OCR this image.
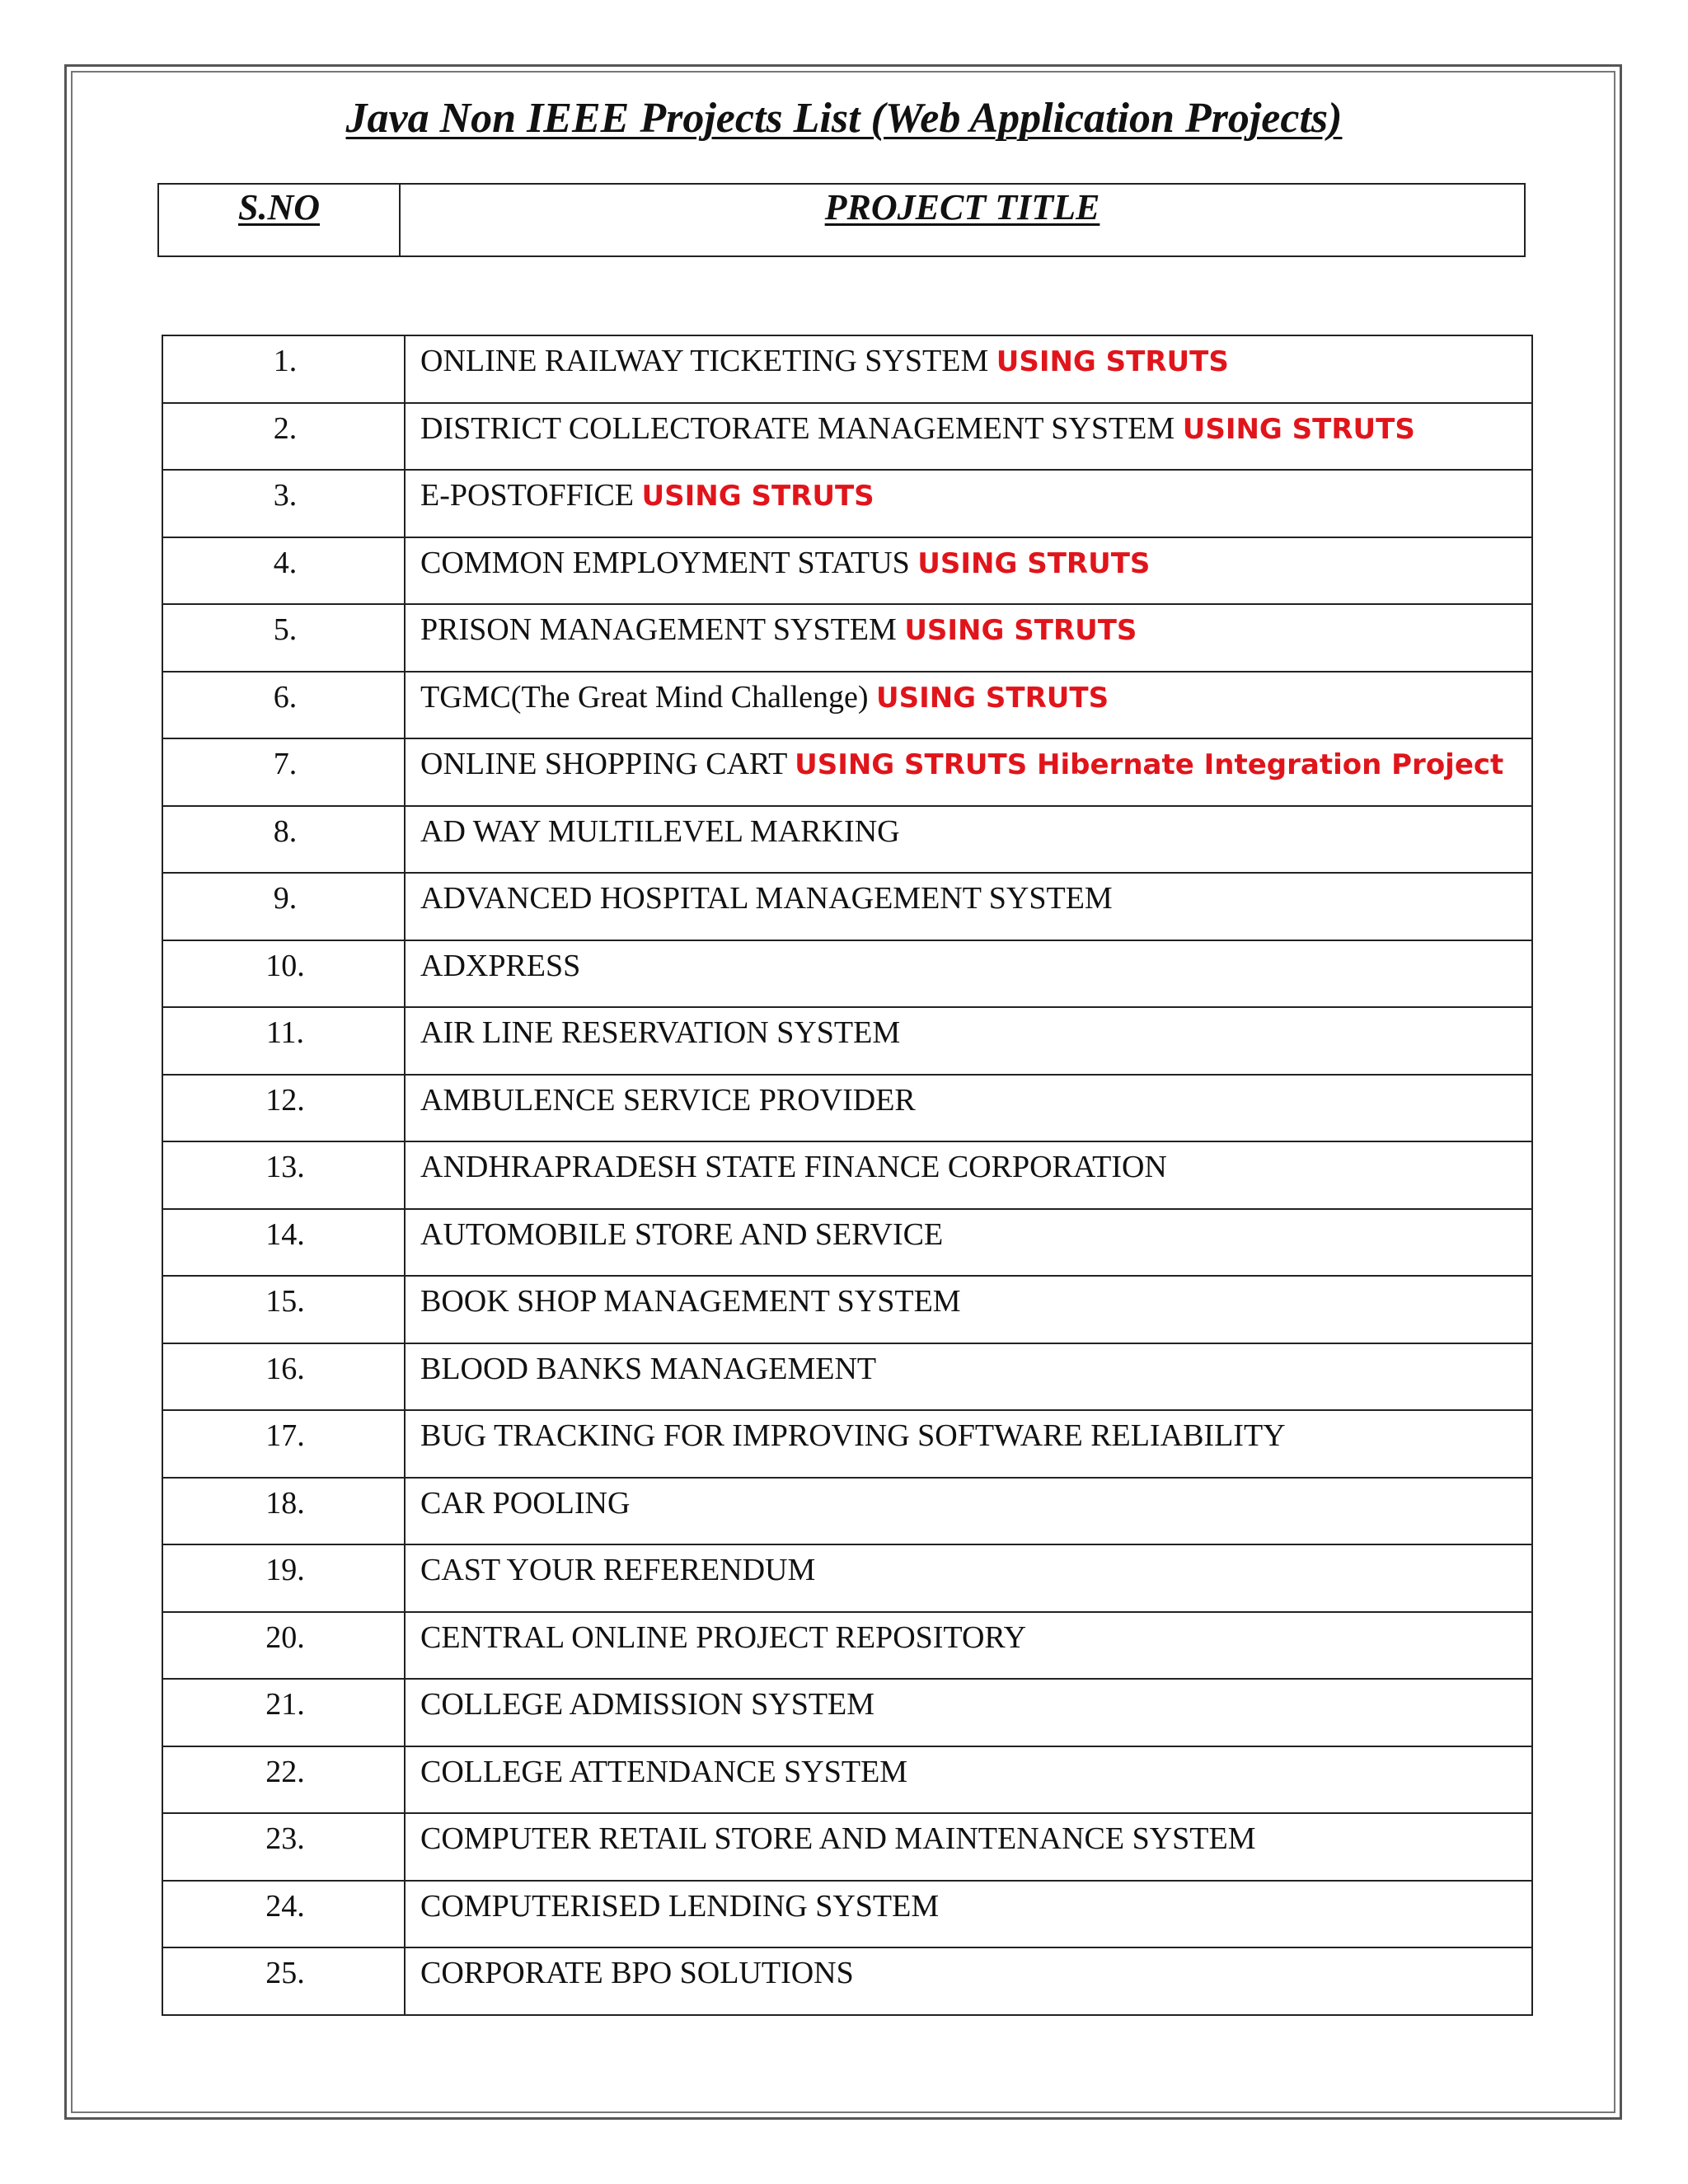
Java Non IEEE Projects List (Web Application Projects)
S.NO	PROJECT TITLE
1.	ONLINE RAILWAY TICKETING SYSTEM USING STRUTS
2.	DISTRICT COLLECTORATE MANAGEMENT SYSTEM USING STRUTS
3.	E-POSTOFFICE USING STRUTS
4.	COMMON EMPLOYMENT STATUS USING STRUTS
5.	PRISON MANAGEMENT SYSTEM USING STRUTS
6.	TGMC(The Great Mind Challenge) USING STRUTS
7.	ONLINE SHOPPING CART USING STRUTS Hibernate Integration Project
8.	AD WAY MULTILEVEL MARKING
9.	ADVANCED HOSPITAL MANAGEMENT SYSTEM
10.	ADXPRESS
11.	AIR LINE RESERVATION SYSTEM
12.	AMBULENCE SERVICE PROVIDER
13.	ANDHRAPRADESH STATE FINANCE CORPORATION
14.	AUTOMOBILE STORE AND SERVICE
15.	BOOK SHOP MANAGEMENT SYSTEM
16.	BLOOD BANKS MANAGEMENT
17.	BUG TRACKING FOR IMPROVING SOFTWARE RELIABILITY
18.	CAR POOLING
19.	CAST YOUR REFERENDUM
20.	CENTRAL ONLINE PROJECT REPOSITORY
21.	COLLEGE ADMISSION SYSTEM
22.	COLLEGE ATTENDANCE SYSTEM
23.	COMPUTER RETAIL STORE AND MAINTENANCE SYSTEM
24.	COMPUTERISED LENDING SYSTEM
25.	CORPORATE BPO SOLUTIONS
